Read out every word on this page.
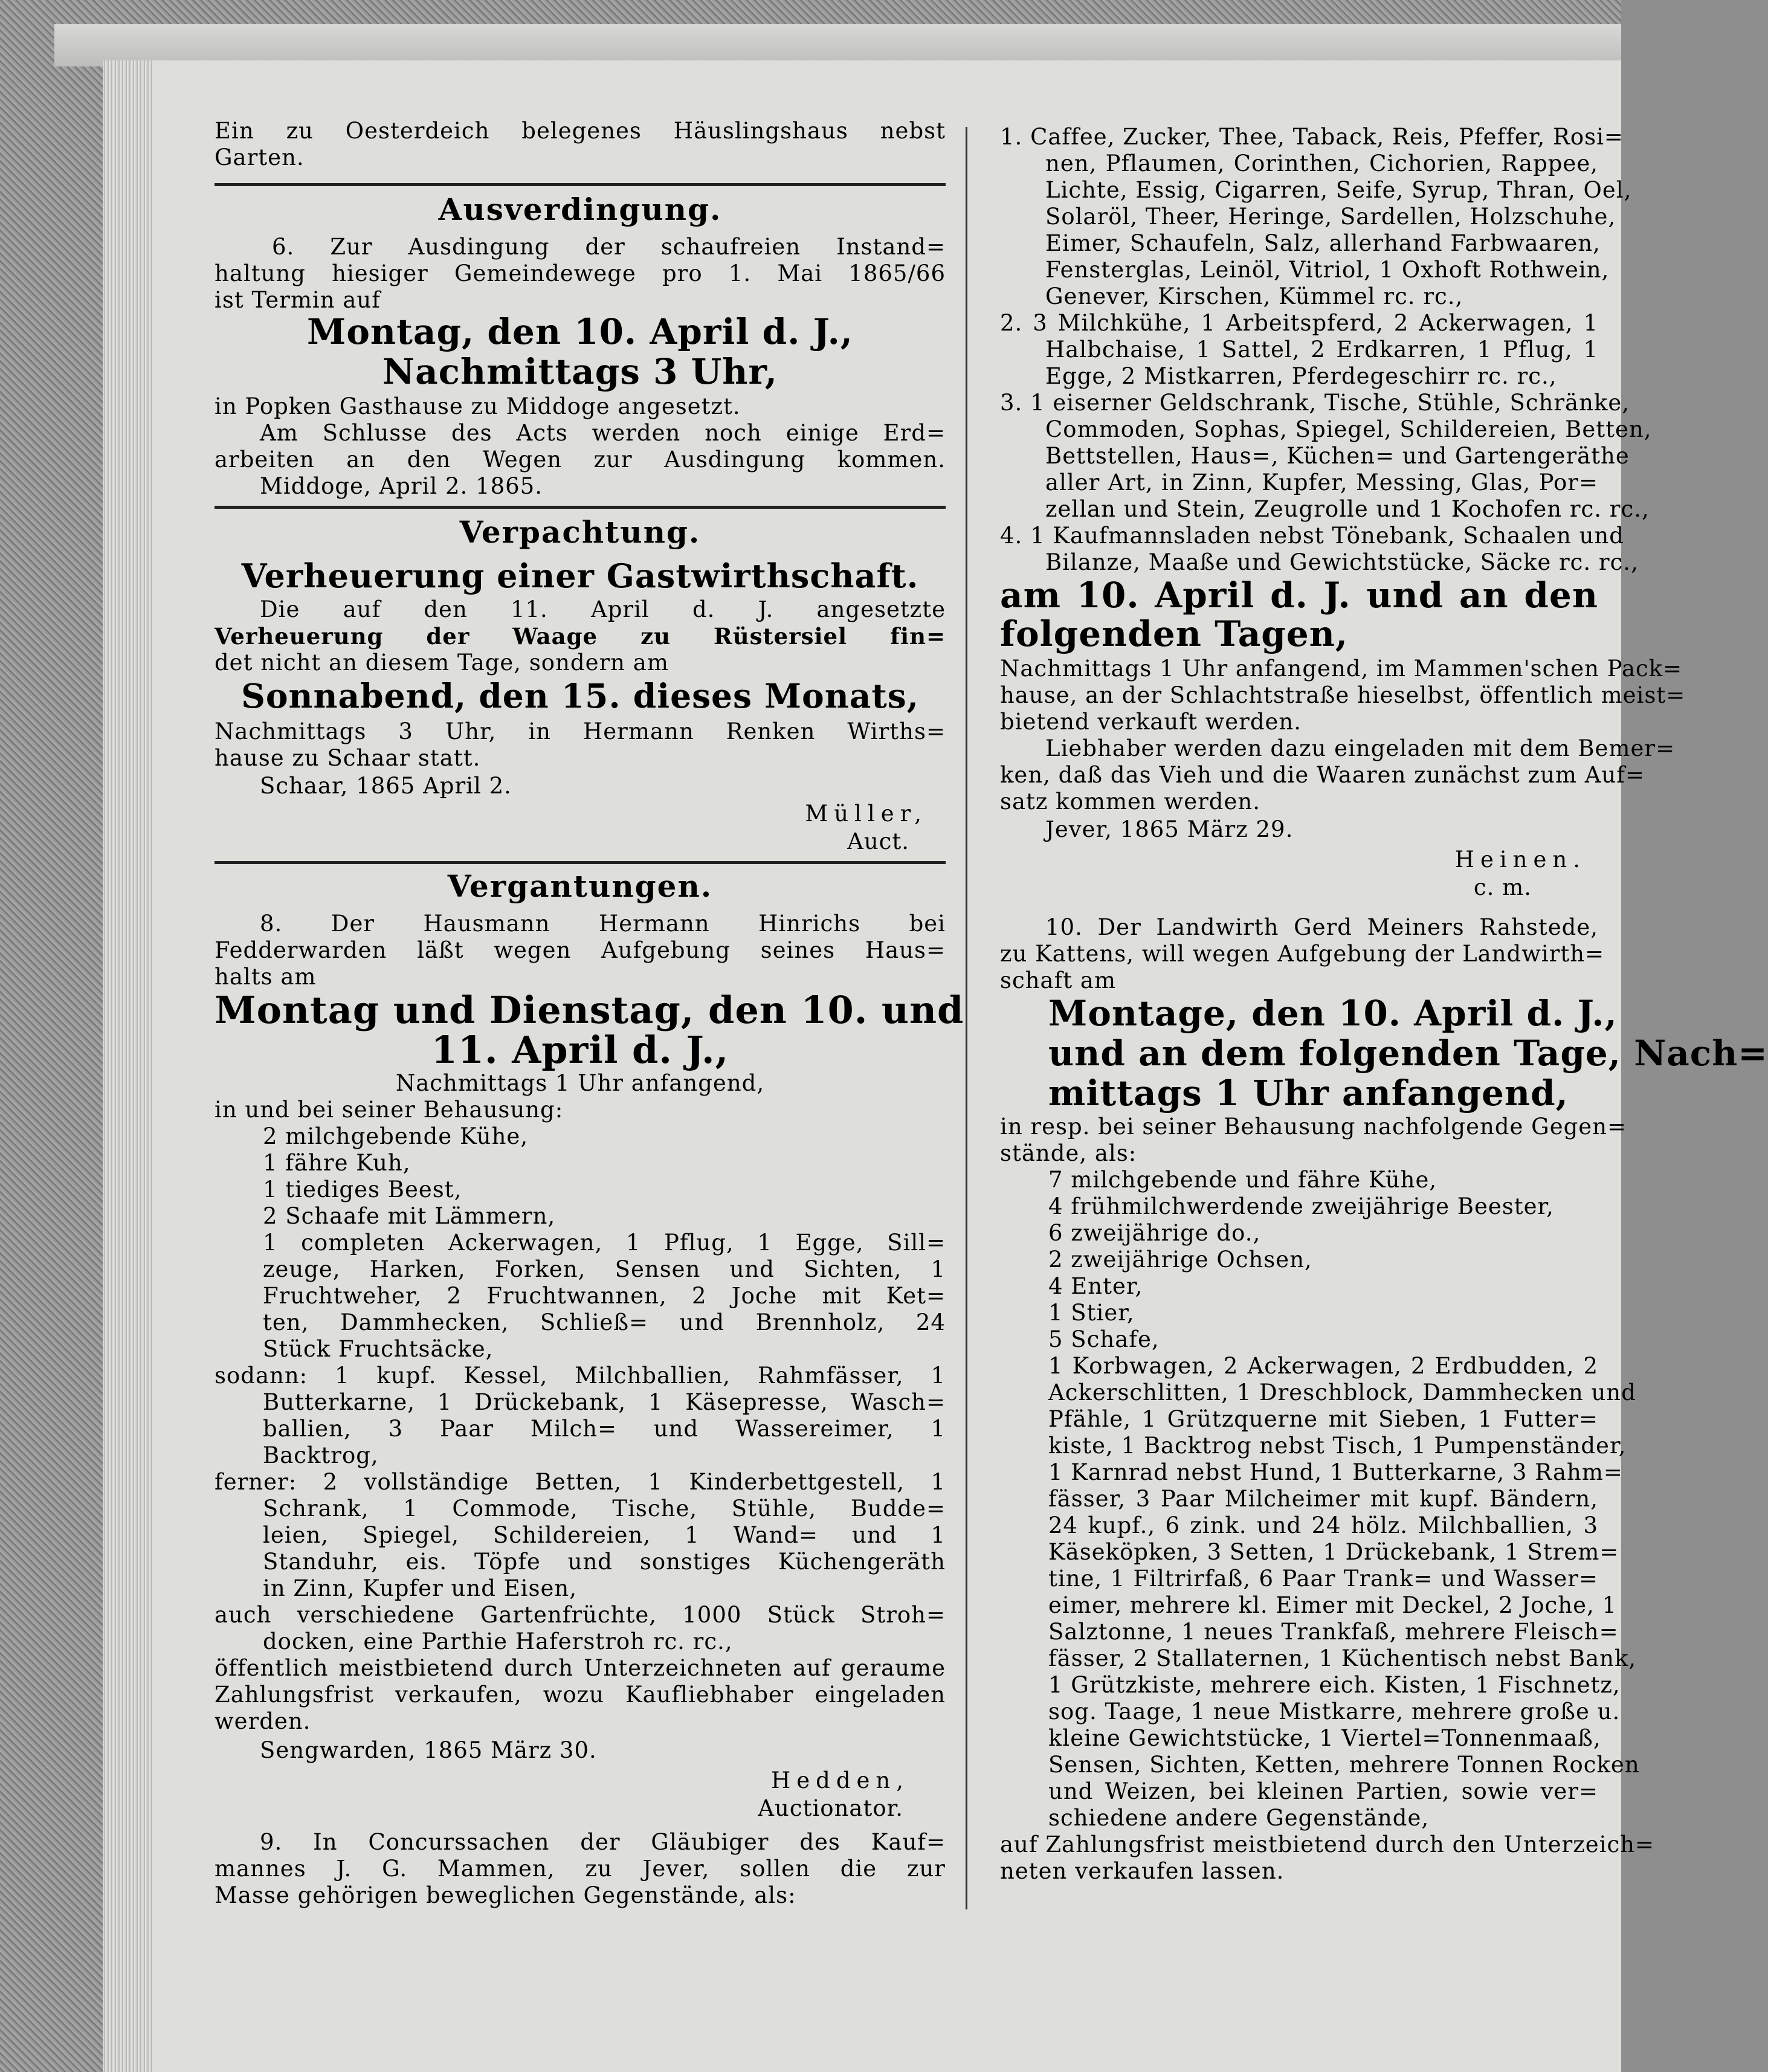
Ein zu Oesterdeich belegenes Häuslingshaus nebst
Garten.
Ausverdingung.
6. Zur Ausdingung der schaufreien Instand=
haltung hiesiger Gemeindewege pro 1. Mai 1865/66
ist Termin auf
Montag, den 10. April d. J.,
Nachmittags 3 Uhr,
in Popken Gasthause zu Middoge angesetzt.
Am Schlusse des Acts werden noch einige Erd=
arbeiten an den Wegen zur Ausdingung kommen.
Middoge, April 2. 1865.
Verpachtung.
Verheuerung einer Gastwirthschaft.
Die auf den 11. April d. J. angesetzte
Verheuerung der Waage zu Rüstersiel fin=
det nicht an diesem Tage, sondern am
Sonnabend, den 15. dieses Monats,
Nachmittags 3 Uhr, in Hermann Renken Wirths=
hause zu Schaar statt.
Schaar, 1865 April 2.
Müller,
Auct.
Vergantungen.
8. Der Hausmann Hermann Hinrichs bei
Fedderwarden läßt wegen Aufgebung seines Haus=
halts am
Montag und Dienstag, den 10. und
11. April d. J.,
Nachmittags 1 Uhr anfangend,
in und bei seiner Behausung:
2 milchgebende Kühe,
1 fähre Kuh,
1 tiediges Beest,
2 Schaafe mit Lämmern,
1 completen Ackerwagen, 1 Pflug, 1 Egge, Sill=
zeuge, Harken, Forken, Sensen und Sichten, 1
Fruchtweher, 2 Fruchtwannen, 2 Joche mit Ket=
ten, Dammhecken, Schließ= und Brennholz, 24
Stück Fruchtsäcke,
sodann: 1 kupf. Kessel, Milchballien, Rahmfässer, 1
Butterkarne, 1 Drückebank, 1 Käsepresse, Wasch=
ballien, 3 Paar Milch= und Wassereimer, 1
Backtrog,
ferner: 2 vollständige Betten, 1 Kinderbettgestell, 1
Schrank, 1 Commode, Tische, Stühle, Budde=
leien, Spiegel, Schildereien, 1 Wand= und 1
Standuhr, eis. Töpfe und sonstiges Küchengeräth
in Zinn, Kupfer und Eisen,
auch verschiedene Gartenfrüchte, 1000 Stück Stroh=
docken, eine Parthie Haferstroh rc. rc.,
öffentlich meistbietend durch Unterzeichneten auf geraume
Zahlungsfrist verkaufen, wozu Kaufliebhaber eingeladen
werden.
Sengwarden, 1865 März 30.
Hedden,
Auctionator.
9. In Concurssachen der Gläubiger des Kauf=
mannes J. G. Mammen, zu Jever, sollen die zur
Masse gehörigen beweglichen Gegenstände, als:
1. Caffee, Zucker, Thee, Taback, Reis, Pfeffer, Rosi=
nen, Pflaumen, Corinthen, Cichorien, Rappee,
Lichte, Essig, Cigarren, Seife, Syrup, Thran, Oel,
Solaröl, Theer, Heringe, Sardellen, Holzschuhe,
Eimer, Schaufeln, Salz, allerhand Farbwaaren,
Fensterglas, Leinöl, Vitriol, 1 Oxhoft Rothwein,
Genever, Kirschen, Kümmel rc. rc.,
2. 3 Milchkühe, 1 Arbeitspferd, 2 Ackerwagen, 1
Halbchaise, 1 Sattel, 2 Erdkarren, 1 Pflug, 1
Egge, 2 Mistkarren, Pferdegeschirr rc. rc.,
3. 1 eiserner Geldschrank, Tische, Stühle, Schränke,
Commoden, Sophas, Spiegel, Schildereien, Betten,
Bettstellen, Haus=, Küchen= und Gartengeräthe
aller Art, in Zinn, Kupfer, Messing, Glas, Por=
zellan und Stein, Zeugrolle und 1 Kochofen rc. rc.,
4. 1 Kaufmannsladen nebst Tönebank, Schaalen und
Bilanze, Maaße und Gewichtstücke, Säcke rc. rc.,
am 10. April d. J. und an den
folgenden Tagen,
Nachmittags 1 Uhr anfangend, im Mammen'schen Pack=
hause, an der Schlachtstraße hieselbst, öffentlich meist=
bietend verkauft werden.
Liebhaber werden dazu eingeladen mit dem Bemer=
ken, daß das Vieh und die Waaren zunächst zum Auf=
satz kommen werden.
Jever, 1865 März 29.
Heinen.
c. m.
10. Der Landwirth Gerd Meiners Rahstede,
zu Kattens, will wegen Aufgebung der Landwirth=
schaft am
Montage, den 10. April d. J.,
und an dem folgenden Tage, Nach=
mittags 1 Uhr anfangend,
in resp. bei seiner Behausung nachfolgende Gegen=
stände, als:
7 milchgebende und fähre Kühe,
4 frühmilchwerdende zweijährige Beester,
6 zweijährige do.,
2 zweijährige Ochsen,
4 Enter,
1 Stier,
5 Schafe,
1 Korbwagen, 2 Ackerwagen, 2 Erdbudden, 2
Ackerschlitten, 1 Dreschblock, Dammhecken und
Pfähle, 1 Grützquerne mit Sieben, 1 Futter=
kiste, 1 Backtrog nebst Tisch, 1 Pumpenständer,
1 Karnrad nebst Hund, 1 Butterkarne, 3 Rahm=
fässer, 3 Paar Milcheimer mit kupf. Bändern,
24 kupf., 6 zink. und 24 hölz. Milchballien, 3
Käseköpken, 3 Setten, 1 Drückebank, 1 Strem=
tine, 1 Filtrirfaß, 6 Paar Trank= und Wasser=
eimer, mehrere kl. Eimer mit Deckel, 2 Joche, 1
Salztonne, 1 neues Trankfaß, mehrere Fleisch=
fässer, 2 Stallaternen, 1 Küchentisch nebst Bank,
1 Grützkiste, mehrere eich. Kisten, 1 Fischnetz,
sog. Taage, 1 neue Mistkarre, mehrere große u.
kleine Gewichtstücke, 1 Viertel=Tonnenmaaß,
Sensen, Sichten, Ketten, mehrere Tonnen Rocken
und Weizen, bei kleinen Partien, sowie ver=
schiedene andere Gegenstände,
auf Zahlungsfrist meistbietend durch den Unterzeich=
neten verkaufen lassen.
